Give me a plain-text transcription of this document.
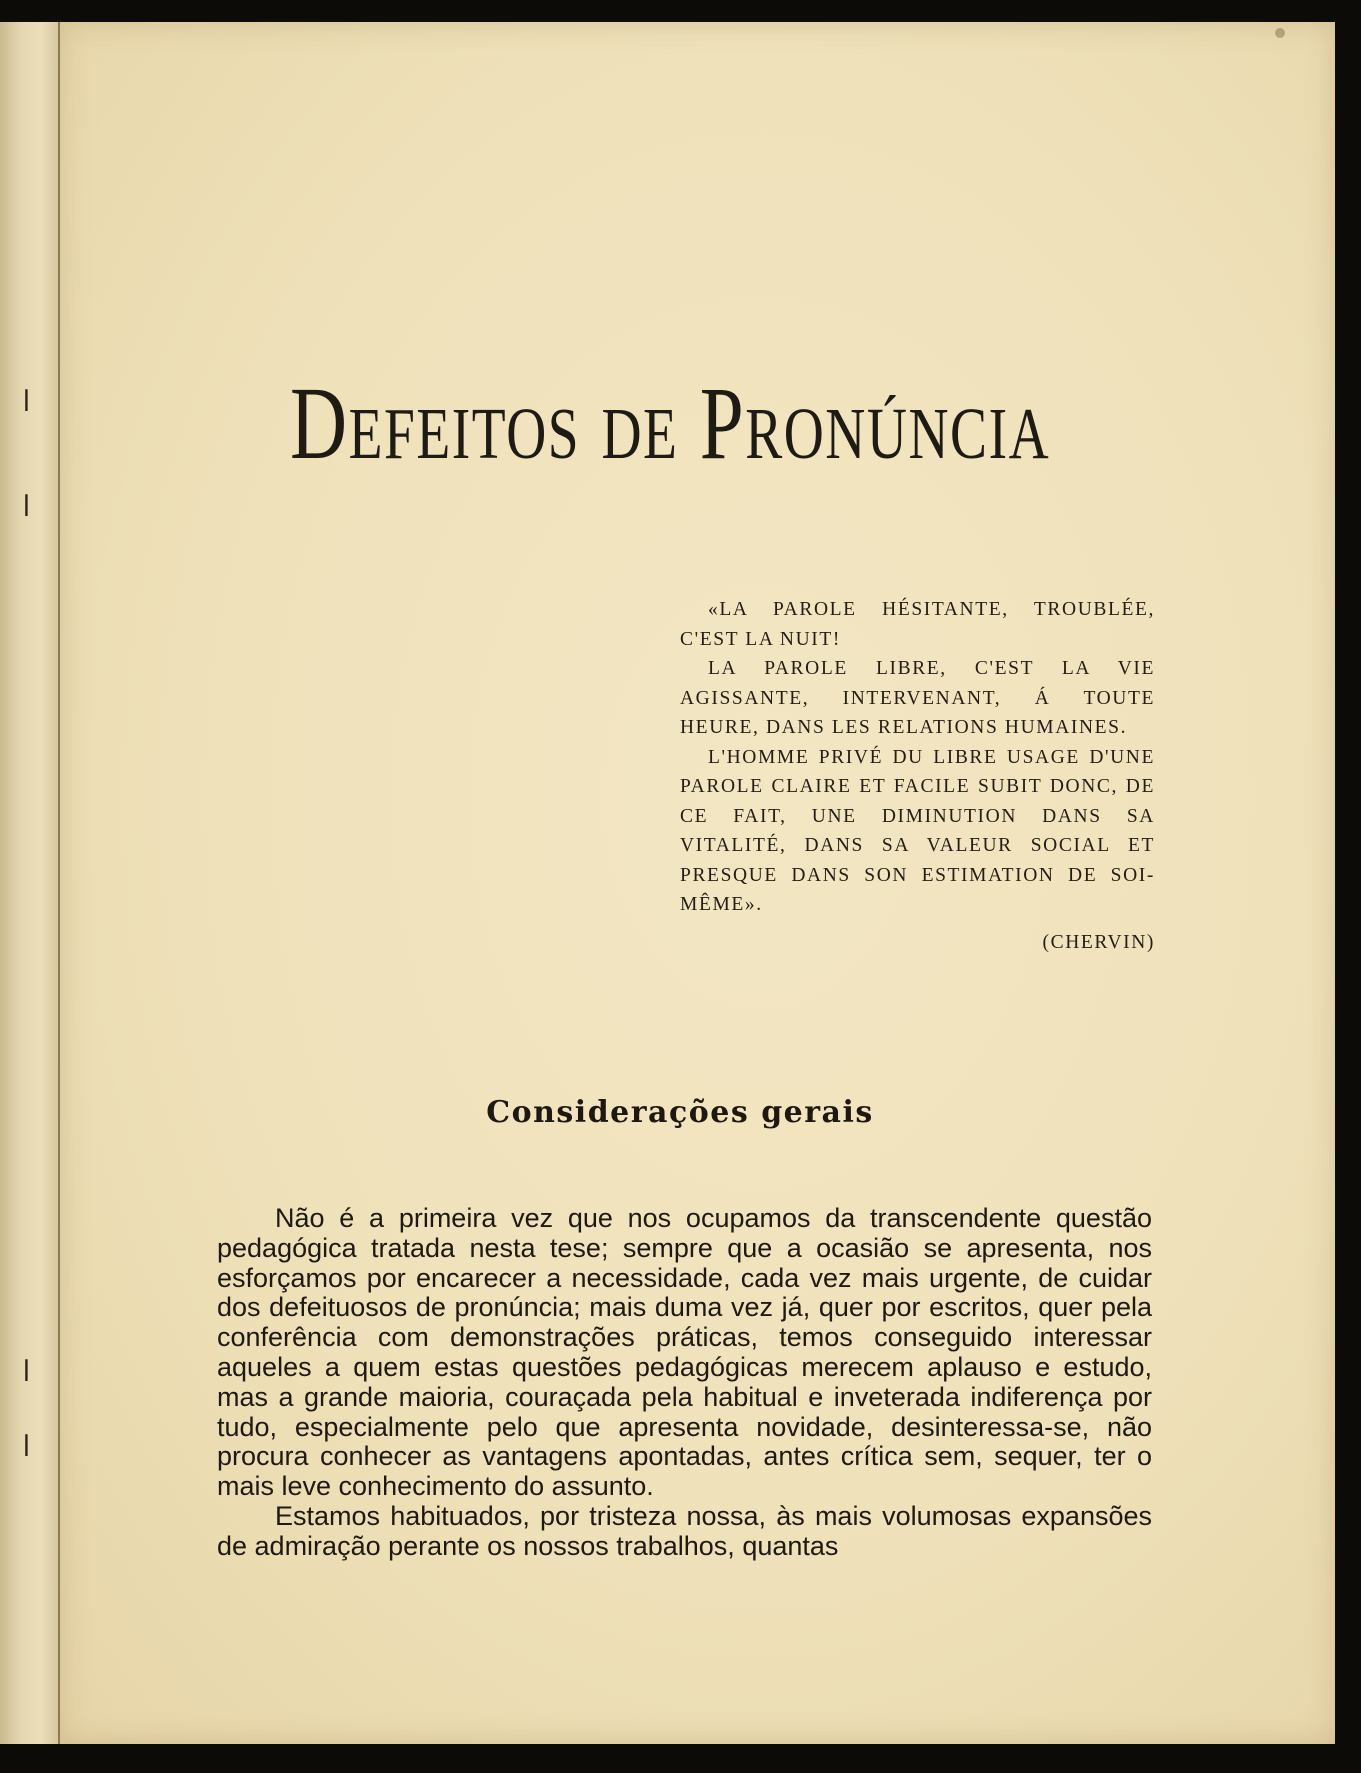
ǀ
ǀ
ǀ
ǀ
Defeitos de Pronúncia

«LA PAROLE HÉSITANTE, TROUBLÉE, C'EST LA NUIT!

LA PAROLE LIBRE, C'EST LA VIE AGISSANTE, INTERVENANT, Á TOUTE HEURE, DANS LES RELATIONS HUMAINES.

L'HOMME PRIVÉ DU LIBRE USAGE D'UNE PAROLE CLAIRE ET FACILE SUBIT DONC, DE CE FAIT, UNE DIMINUTION DANS SA VITALITÉ, DANS SA VALEUR SOCIAL ET PRESQUE DANS SON ESTIMATION DE SOI-MÊME».

(CHERVIN)

Considerações gerais

Não é a primeira vez que nos ocupamos da transcendente questão pedagógica tratada nesta tese; sempre que a ocasião se apresenta, nos esforçamos por encarecer a necessidade, cada vez mais urgente, de cuidar dos defeituosos de pronúncia; mais duma vez já, quer por escritos, quer pela conferência com demonstrações práticas, temos conseguido interessar aqueles a quem estas questões pedagógicas merecem aplauso e estudo, mas a grande maioria, couraçada pela habitual e inveterada indiferença por tudo, especialmente pelo que apresenta novidade, desinteressa-se, não procura conhecer as vantagens apontadas, antes crítica sem, sequer, ter o mais leve conhecimento do assunto.

Estamos habituados, por tristeza nossa, às mais volumosas expansões de admiração perante os nossos trabalhos, quantas
